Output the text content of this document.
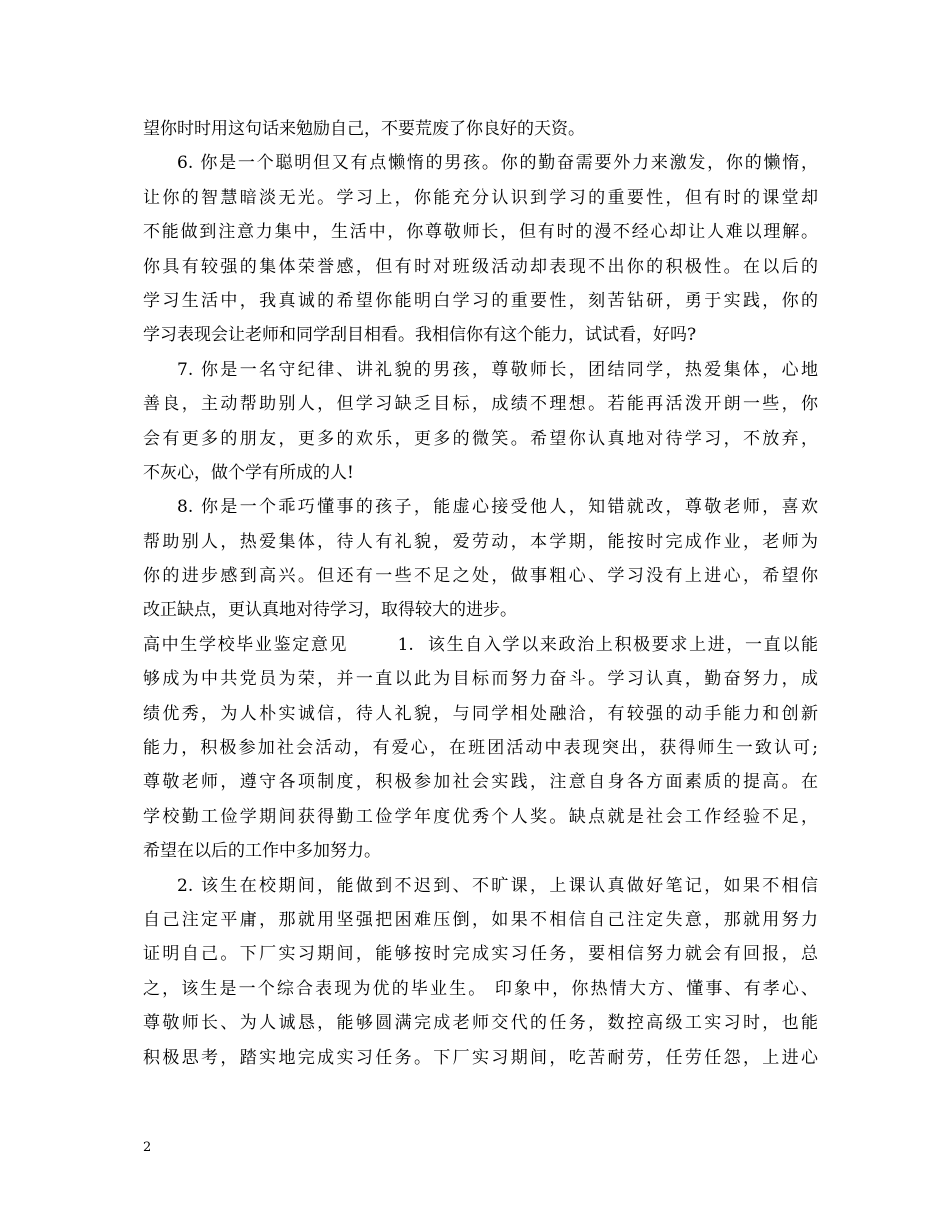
望你时时用这句话来勉励自己，不要荒废了你良好的天资。
6. 你是一个聪明但又有点懒惰的男孩。你的勤奋需要外力来激发，你的懒惰，
让你的智慧暗淡无光。学习上，你能充分认识到学习的重要性，但有时的课堂却
不能做到注意力集中，生活中，你尊敬师长，但有时的漫不经心却让人难以理解。
你具有较强的集体荣誉感，但有时对班级活动却表现不出你的积极性。在以后的
学习生活中，我真诚的希望你能明白学习的重要性，刻苦钻研，勇于实践，你的
学习表现会让老师和同学刮目相看。我相信你有这个能力，试试看，好吗?
7. 你是一名守纪律、讲礼貌的男孩，尊敬师长，团结同学，热爱集体，心地
善良，主动帮助别人，但学习缺乏目标，成绩不理想。若能再活泼开朗一些，你
会有更多的朋友，更多的欢乐，更多的微笑。希望你认真地对待学习，不放弃，
不灰心，做个学有所成的人!
8. 你是一个乖巧懂事的孩子，能虚心接受他人，知错就改，尊敬老师，喜欢
帮助别人，热爱集体，待人有礼貌，爱劳动，本学期，能按时完成作业，老师为
你的进步感到高兴。但还有一些不足之处，做事粗心、学习没有上进心，希望你
改正缺点，更认真地对待学习，取得较大的进步。
高中生学校毕业鉴定意见       1.  该生自入学以来政治上积极要求上进，一直以能
够成为中共党员为荣，并一直以此为目标而努力奋斗。学习认真，勤奋努力，成
绩优秀，为人朴实诚信，待人礼貌，与同学相处融洽，有较强的动手能力和创新
能力，积极参加社会活动，有爱心，在班团活动中表现突出，获得师生一致认可;
尊敬老师，遵守各项制度，积极参加社会实践，注意自身各方面素质的提高。在
学校勤工俭学期间获得勤工俭学年度优秀个人奖。缺点就是社会工作经验不足，
希望在以后的工作中多加努力。
2. 该生在校期间，能做到不迟到、不旷课，上课认真做好笔记，如果不相信
自己注定平庸，那就用坚强把困难压倒，如果不相信自己注定失意，那就用努力
证明自己。下厂实习期间，能够按时完成实习任务，要相信努力就会有回报，总
之，该生是一个综合表现为优的毕业生。 印象中，你热情大方、懂事、有孝心、
尊敬师长、为人诚恳，能够圆满完成老师交代的任务，数控高级工实习时，也能
积极思考，踏实地完成实习任务。下厂实习期间，吃苦耐劳，任劳任怨，上进心
2
